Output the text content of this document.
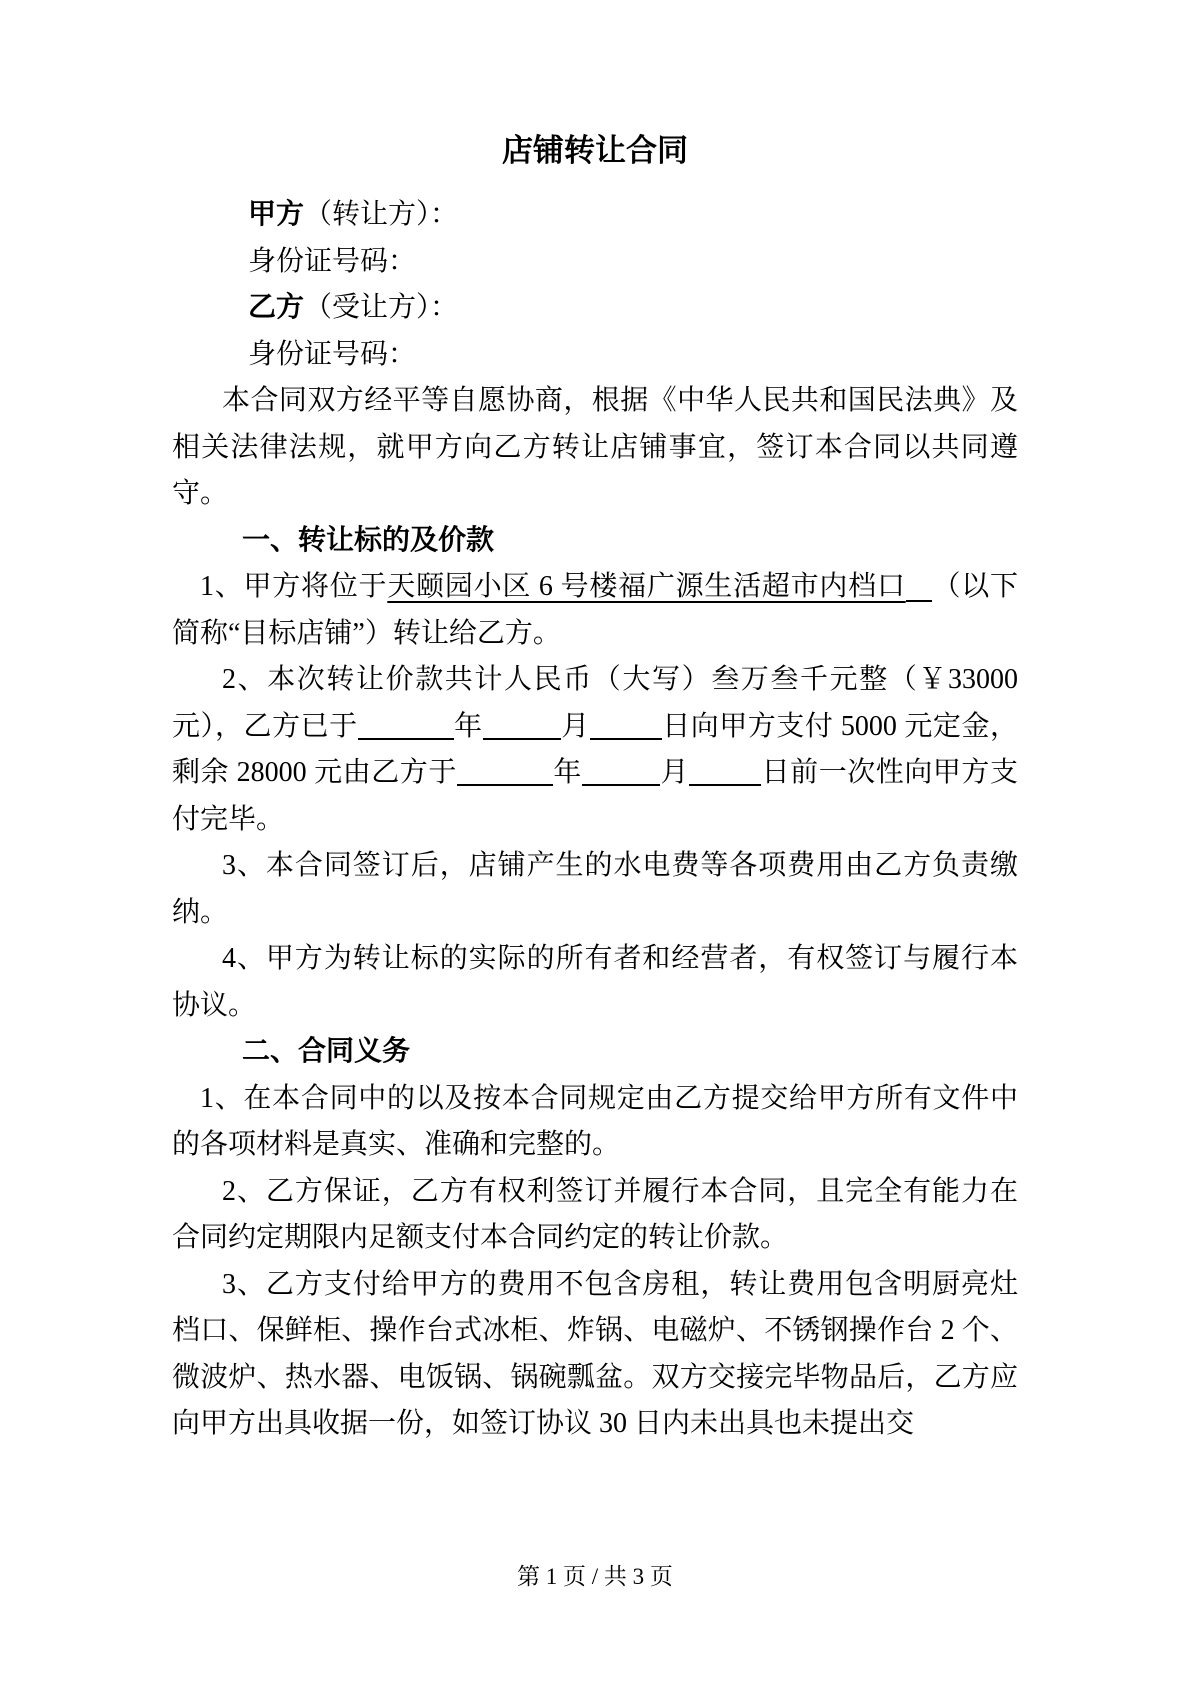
店铺转让合同

甲方（转让方）：

身份证号码：

乙方（受让方）：

身份证号码：

本合同双方经平等自愿协商，根据《中华人民共和国民法典》及相关法律法规，就甲方向乙方转让店铺事宜，签订本合同以共同遵守。

一、转让标的及价款

1、甲方将位于天颐园小区 6 号楼福广源生活超市内档口 （以下简称“目标店铺”）转让给乙方。

2、本次转让价款共计人民币（大写）叁万叁千元整（￥33000元），乙方已于	年	月	日向甲方支付 5000 元定金，剩余 28000 元由乙方于	年	月	日前一次性向甲方支付完毕。

3、本合同签订后，店铺产生的水电费等各项费用由乙方负责缴纳。

4、甲方为转让标的实际的所有者和经营者，有权签订与履行本协议。

二、合同义务

1、在本合同中的以及按本合同规定由乙方提交给甲方所有文件中的各项材料是真实、准确和完整的。

2、乙方保证，乙方有权利签订并履行本合同，且完全有能力在合同约定期限内足额支付本合同约定的转让价款。

3、乙方支付给甲方的费用不包含房租，转让费用包含明厨亮灶档口、保鲜柜、操作台式冰柜、炸锅、电磁炉、不锈钢操作台 2 个、 微波炉、热水器、电饭锅、锅碗瓢盆。双方交接完毕物品后，乙方应向甲方出具收据一份，如签订协议 30 日内未出具也未提出交

第 1 页 / 共 3 页
